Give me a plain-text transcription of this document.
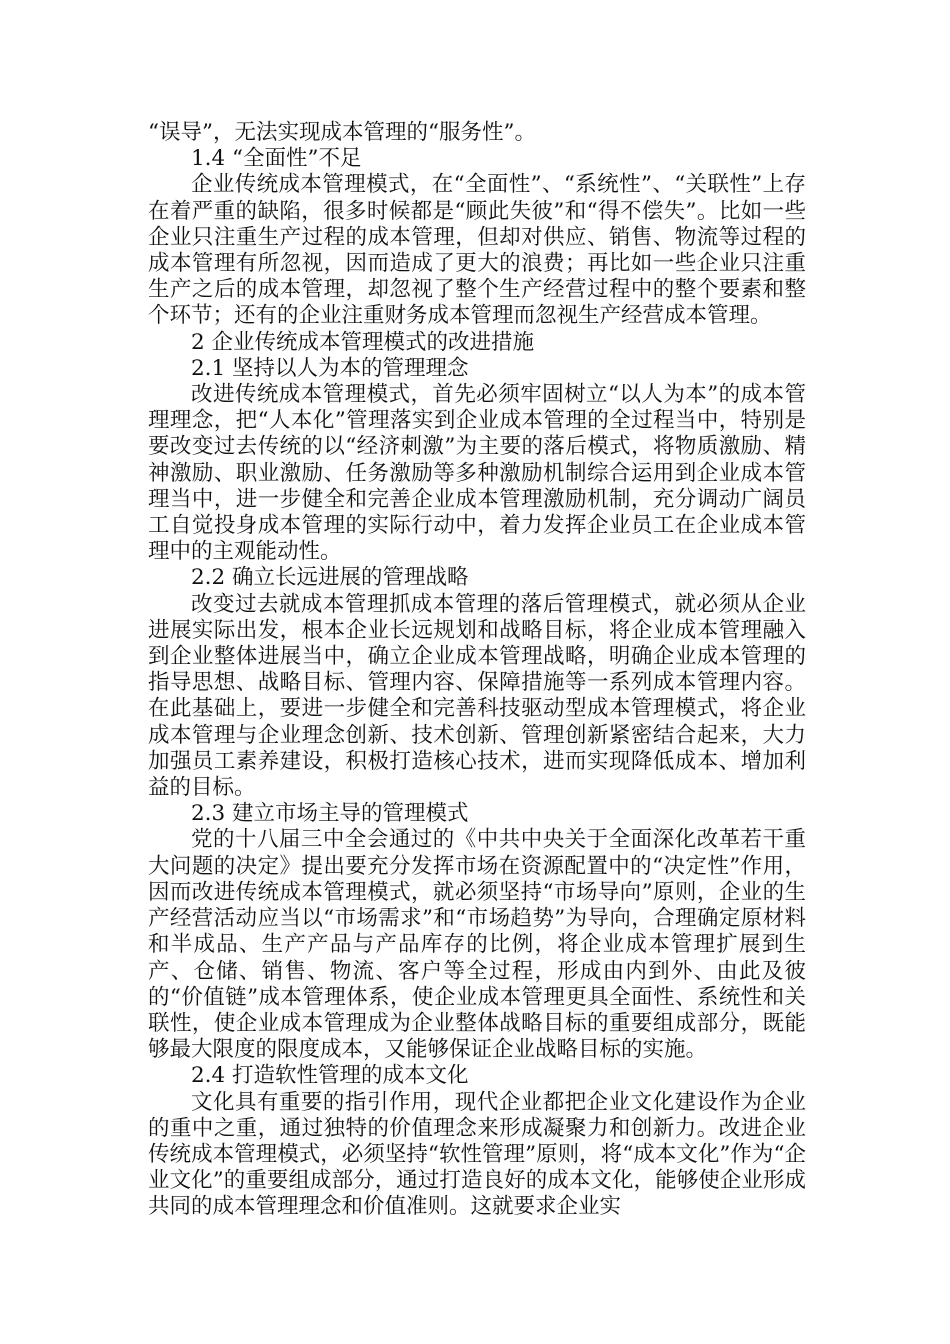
“误导”，无法实现成本管理的“服务性”。

1.4 “全面性”不足

企业传统成本管理模式，在“全面性”、“系统性”、“关联性”上存在着严重的缺陷，很多时候都是“顾此失彼”和“得不偿失”。比如一些企业只注重生产过程的成本管理，但却对供应、销售、物流等过程的成本管理有所忽视，因而造成了更大的浪费；再比如一些企业只注重生产之后的成本管理，却忽视了整个生产经营过程中的整个要素和整个环节；还有的企业注重财务成本管理而忽视生产经营成本管理。

2 企业传统成本管理模式的改进措施

2.1 坚持以人为本的管理理念

改进传统成本管理模式，首先必须牢固树立“以人为本”的成本管理理念，把“人本化”管理落实到企业成本管理的全过程当中，特别是要改变过去传统的以“经济刺激”为主要的落后模式，将物质激励、精神激励、职业激励、任务激励等多种激励机制综合运用到企业成本管理当中，进一步健全和完善企业成本管理激励机制，充分调动广阔员工自觉投身成本管理的实际行动中，着力发挥企业员工在企业成本管理中的主观能动性。

2.2 确立长远进展的管理战略

改变过去就成本管理抓成本管理的落后管理模式，就必须从企业进展实际出发，根本企业长远规划和战略目标，将企业成本管理融入到企业整体进展当中，确立企业成本管理战略，明确企业成本管理的指导思想、战略目标、管理内容、保障措施等一系列成本管理内容。在此基础上，要进一步健全和完善科技驱动型成本管理模式，将企业成本管理与企业理念创新、技术创新、管理创新紧密结合起来，大力加强员工素养建设，积极打造核心技术，进而实现降低成本、增加利益的目标。

2.3 建立市场主导的管理模式

党的十八届三中全会通过的《中共中央关于全面深化改革若干重大问题的决定》提出要充分发挥市场在资源配置中的“决定性”作用，因而改进传统成本管理模式，就必须坚持“市场导向”原则，企业的生产经营活动应当以“市场需求”和“市场趋势”为导向，合理确定原材料和半成品、生产产品与产品库存的比例，将企业成本管理扩展到生产、仓储、销售、物流、客户等全过程，形成由内到外、由此及彼的“价值链”成本管理体系，使企业成本管理更具全面性、系统性和关联性，使企业成本管理成为企业整体战略目标的重要组成部分，既能够最大限度的限度成本，又能够保证企业战略目标的实施。

2.4 打造软性管理的成本文化

文化具有重要的指引作用，现代企业都把企业文化建设作为企业的重中之重，通过独特的价值理念来形成凝聚力和创新力。改进企业传统成本管理模式，必须坚持“软性管理”原则，将“成本文化”作为“企业文化”的重要组成部分，通过打造良好的成本文化，能够使企业形成共同的成本管理理念和价值准则。这就要求企业实
